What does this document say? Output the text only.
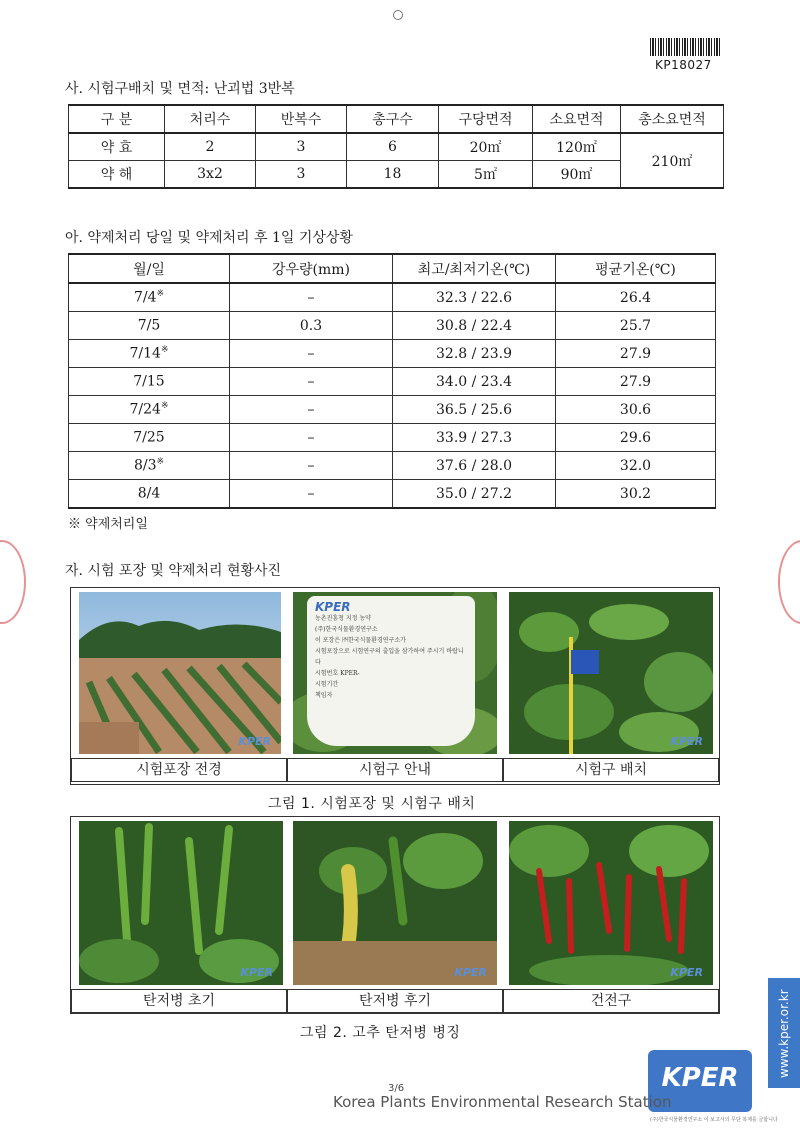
KP18027
사. 시험구배치 및 면적: 난괴법 3반복
구 분	처리수	반복수	총구수	구당면적	소요면적	총소요면적
약 효	2	3	6	20㎡	120㎡	210㎡
약 해	3x2	3	18	5㎡	90㎡	
아. 약제처리 당일 및 약제처리 후 1일 기상상황
월/일	강우량(mm)	최고/최저기온(℃)	평균기온(℃)
7/4※	–	32.3 / 22.6	26.4
7/5	0.3	30.8 / 22.4	25.7
7/14※	–	32.8 / 23.9	27.9
7/15	–	34.0 / 23.4	27.9
7/24※	–	36.5 / 25.6	30.6
7/25	–	33.9 / 27.3	29.6
8/3※	–	37.6 / 28.0	32.0
8/4	–	35.0 / 27.2	30.2
※ 약제처리일
자. 시험 포장 및 약제처리 현황사진
KPER
KPER
농촌진흥청 지정 농약
(주)한국식물환경연구소
이 포장은 ㈜한국식물환경연구소가
시험포장으로 시험연구의 출입을 삼가하여 주시기 바랍니다
시험번호 KPER-
시험기간
책임자
KPER
시험포장 전경	시험구 안내	시험구 배치
그림 1. 시험포장 및 시험구 배치
KPER	KPER	KPER
탄저병 초기	탄저병 후기	건전구
그림 2. 고추 탄저병 병징	www.kper.or.kr
KPER
3/6
Korea Plants Environmental Research Station
(주)한국식물환경연구소 이 보고서의 무단 복제를 금합니다
